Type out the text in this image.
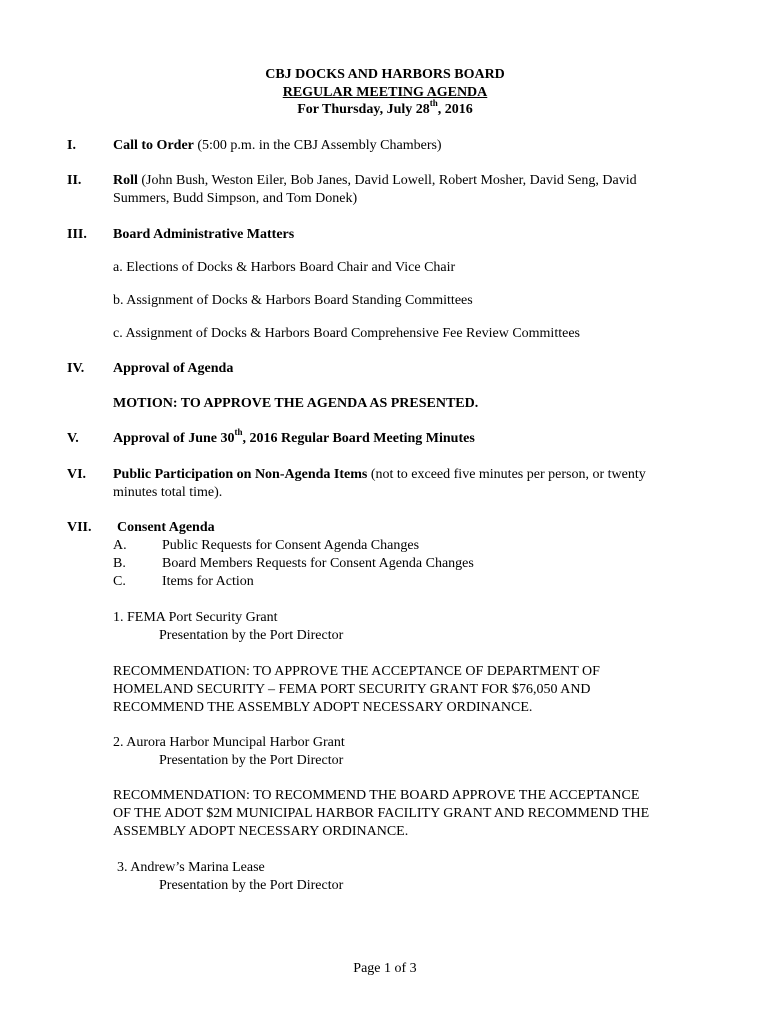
CBJ DOCKS AND HARBORS BOARD
REGULAR MEETING AGENDA
For Thursday, July 28th, 2016
I.	Call to Order (5:00 p.m. in the CBJ Assembly Chambers)
II. Roll (John Bush, Weston Eiler, Bob Janes, David Lowell, Robert Mosher, David Seng, David
Summers, Budd Simpson, and Tom Donek)
III. Board Administrative Matters
a. Elections of Docks & Harbors Board Chair and Vice Chair
b. Assignment of Docks & Harbors Board Standing Committees
c. Assignment of Docks & Harbors Board Comprehensive Fee Review Committees
IV. Approval of Agenda
MOTION: TO APPROVE THE AGENDA AS PRESENTED.
V. Approval of June 30th, 2016 Regular Board Meeting Minutes
VI. Public Participation on Non-Agenda Items (not to exceed five minutes per person, or twenty
minutes total time).
VII. Consent Agenda
A.	Public Requests for Consent Agenda Changes
B.	Board Members Requests for Consent Agenda Changes
C.	Items for Action
1. FEMA Port Security Grant
Presentation by the Port Director
RECOMMENDATION: TO APPROVE THE ACCEPTANCE OF DEPARTMENT OF
HOMELAND SECURITY – FEMA PORT SECURITY GRANT FOR $76,050 AND
RECOMMEND THE ASSEMBLY ADOPT NECESSARY ORDINANCE.
2. Aurora Harbor Muncipal Harbor Grant
Presentation by the Port Director
RECOMMENDATION: TO RECOMMEND THE BOARD APPROVE THE ACCEPTANCE
OF THE ADOT $2M MUNICIPAL HARBOR FACILITY GRANT AND RECOMMEND THE
ASSEMBLY ADOPT NECESSARY ORDINANCE.
3. Andrew’s Marina Lease
Presentation by the Port Director
Page 1 of 3
